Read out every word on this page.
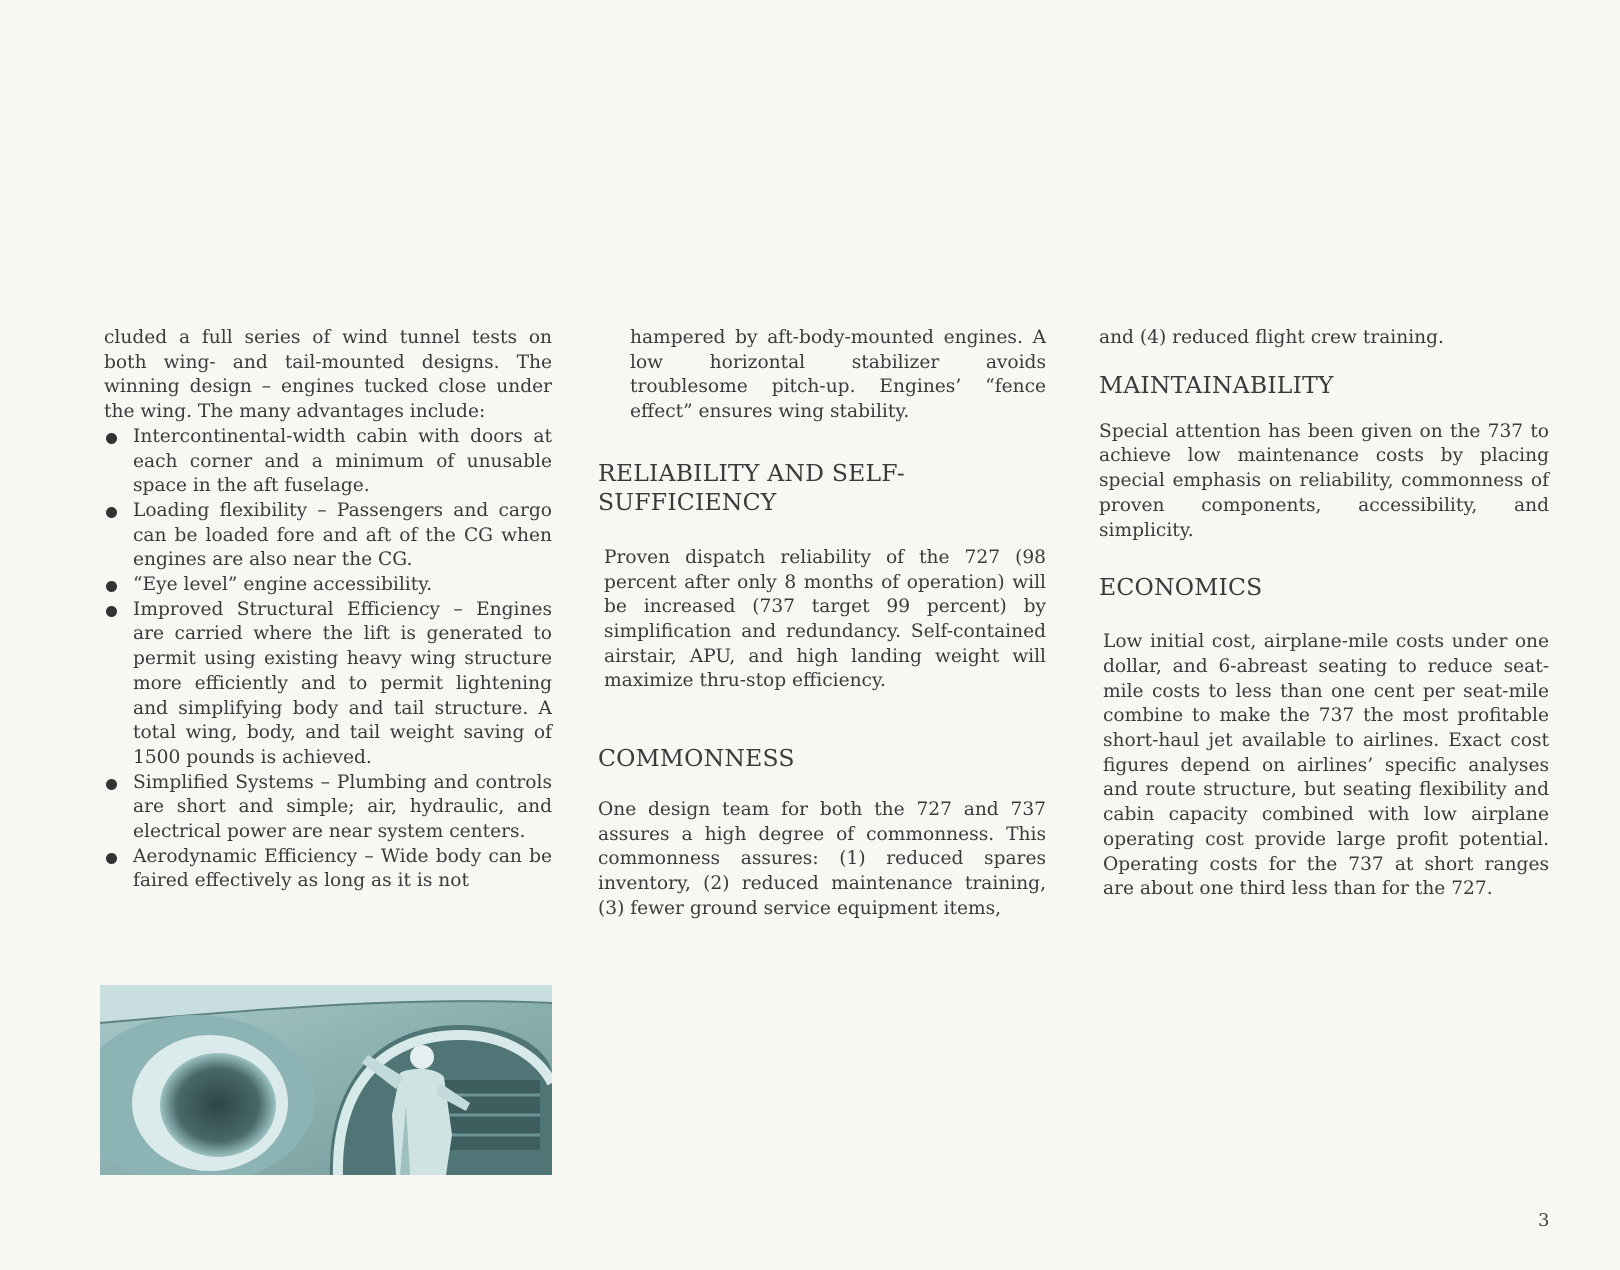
cluded a full series of wind tunnel tests on both wing- and tail-mounted designs. The winning design – engines tucked close under the wing. The many advantages include:

Intercontinental-width cabin with doors at each corner and a minimum of unusable space in the aft fuselage.
Loading flexibility – Passengers and cargo can be loaded fore and aft of the CG when engines are also near the CG.
“Eye level” engine accessibility.
Improved Structural Efficiency – Engines are carried where the lift is generated to permit using existing heavy wing structure more efficiently and to permit lightening and simplifying body and tail structure. A total wing, body, and tail weight saving of 1500 pounds is achieved.
Simplified Systems – Plumbing and controls are short and simple; air, hydraulic, and electrical power are near system centers.
Aerodynamic Efficiency – Wide body can be faired effectively as long as it is not

hampered by aft-body-mounted engines. A low horizontal stabilizer avoids troublesome pitch-up. Engines’ “fence effect” ensures wing stability.

RELIABILITY AND SELF-SUFFICIENCY

Proven dispatch reliability of the 727 (98 percent after only 8 months of operation) will be increased (737 target 99 percent) by simplification and redundancy. Self-contained airstair, APU, and high landing weight will maximize thru-stop efficiency.

COMMONNESS

One design team for both the 727 and 737 assures a high degree of commonness. This commonness assures: (1) reduced spares inventory, (2) reduced maintenance training, (3) fewer ground service equipment items,

and (4) reduced flight crew training.

MAINTAINABILITY

Special attention has been given on the 737 to achieve low maintenance costs by placing special emphasis on reliability, commonness of proven components, accessibility, and simplicity.

ECONOMICS

Low initial cost, airplane-mile costs under one dollar, and 6-abreast seating to reduce seat-mile costs to less than one cent per seat-mile combine to make the 737 the most profitable short-haul jet available to airlines. Exact cost figures depend on airlines’ specific analyses and route structure, but seating flexibility and cabin capacity combined with low airplane operating cost provide large profit potential. Operating costs for the 737 at short ranges are about one third less than for the 727.

3
